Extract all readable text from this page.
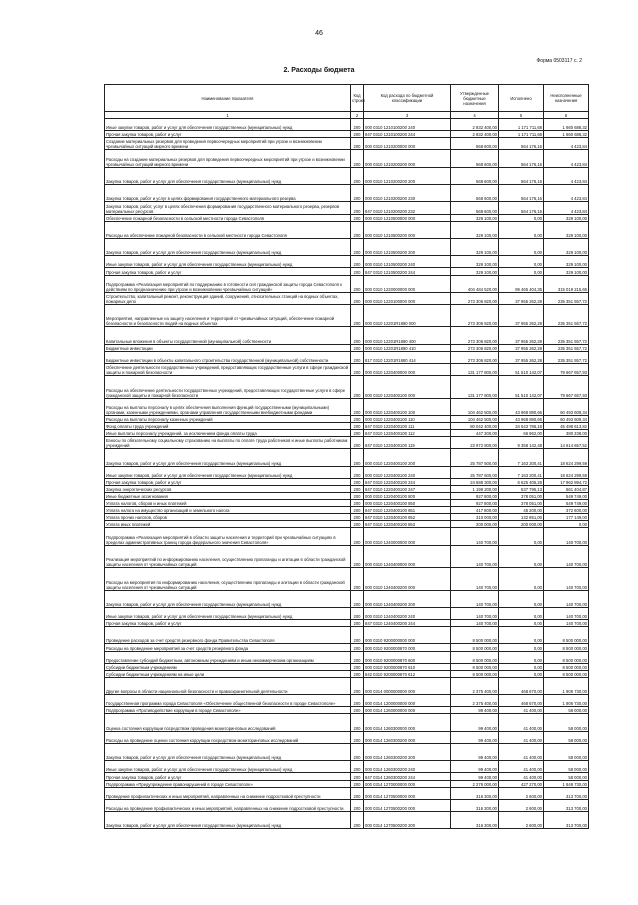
46
Форма 0503117 с. 2
2. Расходы бюджета
Наименование показателя	Код строки	Код расхода по бюджетной классификации	Утвержденные бюджетные назначения	Исполнено	Неисполненные назначения
1	2	3	4	5	6
Иные закупки товаров, работ и услуг для обеспечения государственных (муниципальных) нужд	200	000 0310 1210100200 240	2 832 400,00	1 171 711,68	1 660 688,32
Прочая закупка товаров, работ и услуг	200	847 0310 1210100200 244	2 832 400,00	1 171 711,68	1 660 688,32
Создание материальных резервов для проведения первоочередных мероприятий при угрозе и возникновении чрезвычайных ситуаций мирного времени	200	000 0310 1210200000 000	568 600,00	564 176,16	4 423,84
Расходы на создание материальных резервов для проведения первоочередных мероприятий при угрозе и возникновении чрезвычайных ситуаций мирного времени	200	000 0310 1210200200 000	568 600,00	564 176,16	4 423,84
Закупка товаров, работ и услуг для обеспечения государственных (муниципальных) нужд	200	000 0310 1210200200 200	568 600,00	564 176,16	4 423,84
Закупка товаров, работ и услуг в целях формирования государственного материального резерва	200	000 0310 1210200200 230	568 600,00	564 176,16	4 423,84
Закупка товаров, работ, услуг в целях обеспечения формирования государственного материального резерва, резервов материальных ресурсов	200	847 0310 1210200200 232	568 600,00	564 176,16	4 423,84
Обеспечение пожарной безопасности в сельской местности города Севастополя	200	000 0310 1210500000 000	329 100,00	0,00	329 100,00
Расходы на обеспечение пожарной безопасности в сельской местности города Севастополя	200	000 0310 1210500200 000	329 100,00	0,00	329 100,00
Закупка товаров, работ и услуг для обеспечения государственных (муниципальных) нужд	200	000 0310 1210500200 200	329 100,00	0,00	329 100,00
Иные закупки товаров, работ и услуг для обеспечения государственных (муниципальных) нужд	200	000 0310 1210500200 240	329 100,00	0,00	329 100,00
Прочая закупка товаров, работ и услуг	200	847 0310 1210500200 244	329 100,00	0,00	329 100,00
Подпрограмма «Реализация мероприятий по поддержанию в готовности сил гражданской защиты города Севастополя к действиям по предназначению при угрозе и возникновении чрезвычайных ситуаций»	200	000 0310 1220000000 000	404 484 520,00	89 465 404,35	315 019 215,65
Строительство, капитальный ремонт, реконструкция зданий, сооружений, относительных станций на водных объектах, пожарных депо	200	000 0310 1220100000 000	273 306 820,00	37 955 262,28	235 351 557,72
Мероприятия, направленные на защиту населения и территорий от чрезвычайных ситуаций, обеспечение пожарной безопасности и безопасности людей на водных объектах	200	000 0310 12201R1880 000	273 306 820,00	37 955 262,28	235 351 557,72
Капитальные вложения в объекты государственной (муниципальной) собственности	200	000 0310 12201R1880 400	273 306 820,00	37 955 262,28	235 351 557,72
Бюджетные инвестиции	200	000 0310 12201R1880 410	273 306 820,00	37 955 262,28	235 351 557,72
Бюджетные инвестиции в объекты капитального строительства государственной (муниципальной) собственности	200	817 0310 12201R1880 414	273 306 820,00	37 955 262,28	235 351 557,72
Обеспечение деятельности государственных учреждений, предоставляющих государственные услуги в сфере гражданской защиты и пожарной безопасности	200	000 0310 1220400000 000	131 177 800,00	51 510 142,07	79 667 657,93
Расходы на обеспечение деятельности государственных учреждений, предоставляющих государственные услуги в сфере гражданской защиты и пожарной безопасности	200	000 0310 1220400100 000	131 177 800,00	51 510 142,07	79 667 657,93
Расходы на выплаты персоналу в целях обеспечения выполнения функций государственными (муниципальными) органами, казенными учреждениями, органами управления государственными внебюджетными фондами	200	000 0310 1220400100 100	104 462 500,00	43 968 890,66	60 493 609,34
Расходы на выплаты персоналу казенных учреждений	200	000 0310 1220400100 110	104 462 500,00	43 968 890,66	60 493 609,34
Фонд оплаты труда учреждений	200	847 0310 1220400100 111	80 042 400,00	34 543 786,18	45 498 613,82
Иные выплаты персоналу учреждений, за исключением фонда оплаты труда	200	847 0310 1220400100 112	447 300,00	66 962,00	380 338,00
Взносы по обязательному социальному страхованию на выплаты по оплате труда работников и иные выплаты работникам учреждений	200	847 0310 1220400100 119	23 972 800,00	9 358 142,48	14 614 657,52
Закупка товаров, работ и услуг для обеспечения государственных (муниципальных) нужд	200	000 0310 1220400100 200	25 787 500,00	7 163 200,41	18 624 299,59
Иные закупки товаров, работ и услуг для обеспечения государственных (муниципальных) нужд	200	000 0310 1220400100 240	25 787 500,00	7 163 200,41	18 624 299,59
Прочая закупка товаров, работ и услуг	200	847 0310 1220400100 244	24 588 300,00	6 625 405,28	17 962 894,72
Закупка энергетических ресурсов	200	847 0310 1220400100 247	1 199 200,00	537 795,13	661 404,87
Иные бюджетные ассигнования	200	000 0310 1220400100 800	927 800,00	378 051,00	549 749,00
Уплата налогов, сборов и иных платежей	200	000 0310 1220400100 850	927 800,00	378 051,00	549 749,00
Уплата налога на имущество организаций и земельного налога	200	847 0310 1220400100 851	417 800,00	45 200,00	372 600,00
Уплата прочих налогов, сборов	200	847 0310 1220400100 852	310 000,00	132 851,00	177 149,00
Уплата иных платежей	200	847 0310 1220400100 853	200 000,00	200 000,00	0,00
Подпрограмма «Реализация мероприятий в области защиты населения и территорий при чрезвычайных ситуациях в пределах административных границ города федерального значения Севастополя»	200	000 0310 1240000000 000	140 700,00	0,00	140 700,00
Реализация мероприятий по информированию населения, осуществлению пропаганды и агитации в области гражданской защиты населения от чрезвычайных ситуаций	200	000 0310 1240400000 000	140 700,00	0,00	140 700,00
Расходы на мероприятия по информированию населения, осуществлению пропаганды и агитации в области гражданской защиты населения от чрезвычайных ситуаций	200	000 0310 1240400200 000	140 700,00	0,00	140 700,00
Закупка товаров, работ и услуг для обеспечения государственных (муниципальных) нужд	200	000 0310 1240400200 200	140 700,00	0,00	140 700,00
Иные закупки товаров, работ и услуг для обеспечения государственных (муниципальных) нужд	200	000 0310 1240400200 240	140 700,00	0,00	140 700,00
Прочая закупка товаров, работ и услуг	200	847 0310 1240400200 244	140 700,00	0,00	140 700,00
Проведение расходов за счет средств резервного фонда Правительства Севастополя	200	000 0310 9200000000 000	8 500 000,00	0,00	8 500 000,00
Расходы на проведение мероприятий за счет средств резервного фонда	200	000 0310 9200000870 000	8 500 000,00	0,00	8 500 000,00
Предоставление субсидий бюджетным, автономным учреждениям и иным некоммерческим организациям	200	000 0310 9200000870 600	8 500 000,00	0,00	8 500 000,00
Субсидии бюджетным учреждениям	200	000 0310 9200000870 610	8 500 000,00	0,00	8 500 000,00
Субсидии бюджетным учреждениям на иные цели	200	842 0310 9200000870 612	8 500 000,00	0,00	8 500 000,00
Другие вопросы в области национальной безопасности и правоохранительной деятельности	200	000 0314 0000000000 000	2 375 400,00	468 670,00	1 906 730,00
Государственная программа города Севастополя «Обеспечение общественной безопасности в городе Севастополе»	200	000 0314 1200000000 000	2 375 400,00	468 670,00	1 906 730,00
Подпрограмма «Противодействие коррупции в городе Севастополе»	200	000 0314 1260000000 000	99 400,00	41 400,00	58 000,00
Оценка состояния коррупции посредством проведения мониторинговых исследований	200	000 0314 1260300000 000	99 400,00	41 400,00	58 000,00
Расходы на проведение оценки состояния коррупции посредством мониторинговых исследований	200	000 0314 1260300200 000	99 400,00	41 400,00	58 000,00
Закупка товаров, работ и услуг для обеспечения государственных (муниципальных) нужд	200	000 0314 1260300200 200	99 400,00	41 400,00	58 000,00
Иные закупки товаров, работ и услуг для обеспечения государственных (муниципальных) нужд	200	000 0314 1260300200 240	99 400,00	41 400,00	58 000,00
Прочая закупка товаров, работ и услуг	200	847 0314 1260300200 244	99 400,00	41 400,00	58 000,00
Подпрограмма «Предупреждение правонарушений в городе Севастополе»	200	000 0314 1270000000 000	2 276 000,00	427 270,00	1 848 730,00
Проведение профилактических и иных мероприятий, направленных на снижение подростковой преступности	200	000 0314 1270500000 000	316 300,00	2 600,00	313 700,00
Расходы на проведение профилактических и иных мероприятий, направленных на снижение подростковой преступности	200	000 0314 1270500200 000	316 300,00	2 600,00	313 700,00
Закупка товаров, работ и услуг для обеспечения государственных (муниципальных) нужд	200	000 0314 1270500200 200	316 300,00	2 600,00	313 700,00
